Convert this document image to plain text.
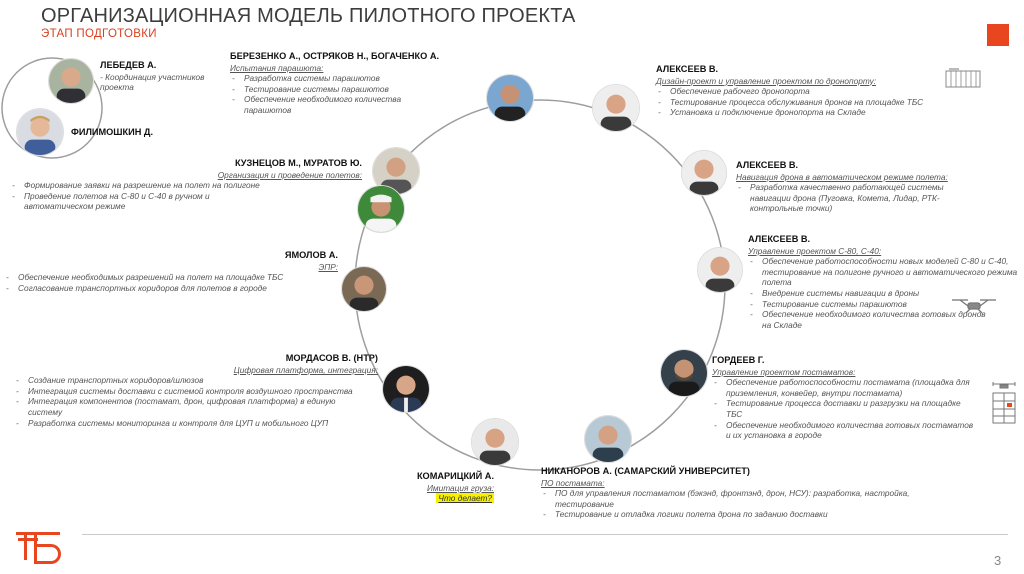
ОРГАНИЗАЦИОННАЯ МОДЕЛЬ ПИЛОТНОГО ПРОЕКТА
ЭТАП ПОДГОТОВКИ
ЛЕБЕДЕВ А.
- Координация участников проекта
ФИЛИМОШКИН Д.
БЕРЕЗЕНКО А., ОСТРЯКОВ Н., БОГАЧЕНКО А.
Испытания парашюта:
- Разработка системы парашютов
- Тестирование системы парашютов
- Обеспечение необходимого количества парашютов
АЛЕКСЕЕВ В.
Дизайн-проект и управление проектом по дронопорту:
- Обеспечение рабочего дронопорта
- Тестирование процесса обслуживания дронов на площадке ТБС
- Установка и подключение дронопорта на Складе
КУЗНЕЦОВ М., МУРАТОВ Ю.
Организация и проведение полетов:
- Формирование заявки на разрешение на полет на полигоне
- Проведение полетов на С-80 и С-40 в ручном и автоматическом режиме
АЛЕКСЕЕВ В.
Навигация дрона в автоматическом режиме полета:
- Разработка качественно работающей системы навигации дрона (Пуговка, Комета, Лидар, РТК-контрольные точки)
ЯМОЛОВ А.
ЭПР:
- Обеспечение необходимых разрешений на полет на площадке ТБС
- Согласование транспортных коридоров для полетов в городе
АЛЕКСЕЕВ В.
Управление проектом С-80, С-40:
- Обеспечение работоспособности новых моделей С-80 и С-40, тестирование на полигоне ручного и автоматического режима полета
- Внедрение системы навигации в дроны
- Тестирование системы парашютов
- Обеспечение необходимого количества готовых дронов на Складе
МОРДАСОВ В. (НТР)
Цифровая платформа, интеграция:
- Создание транспортных коридоров/шлюзов
- Интеграция системы доставки с системой контроля воздушного пространства
- Интеграция компонентов (постамат, дрон, цифровая платформа) в единую систему
- Разработка системы мониторинга и контроля для ЦУП и мобильного ЦУП
ГОРДЕЕВ Г.
Управление проектом постаматов:
- Обеспечение работоспособности постамата (площадка для приземления, конвейер, внутри постамата)
- Тестирование процесса доставки и разгрузки на площадке ТБС
- Обеспечение необходимого количества готовых постаматов и их установка в городе
КОМАРИЦКИЙ А.
Имитация груза:
Что делает?
НИКАНОРОВ А. (САМАРСКИЙ УНИВЕРСИТЕТ)
ПО постамата:
- ПО для управления постаматом (бэкэнд, фронтэнд, дрон, НСУ): разработка, настройка, тестирование
- Тестирование и отладка логики полета дрона по заданию доставки
3
